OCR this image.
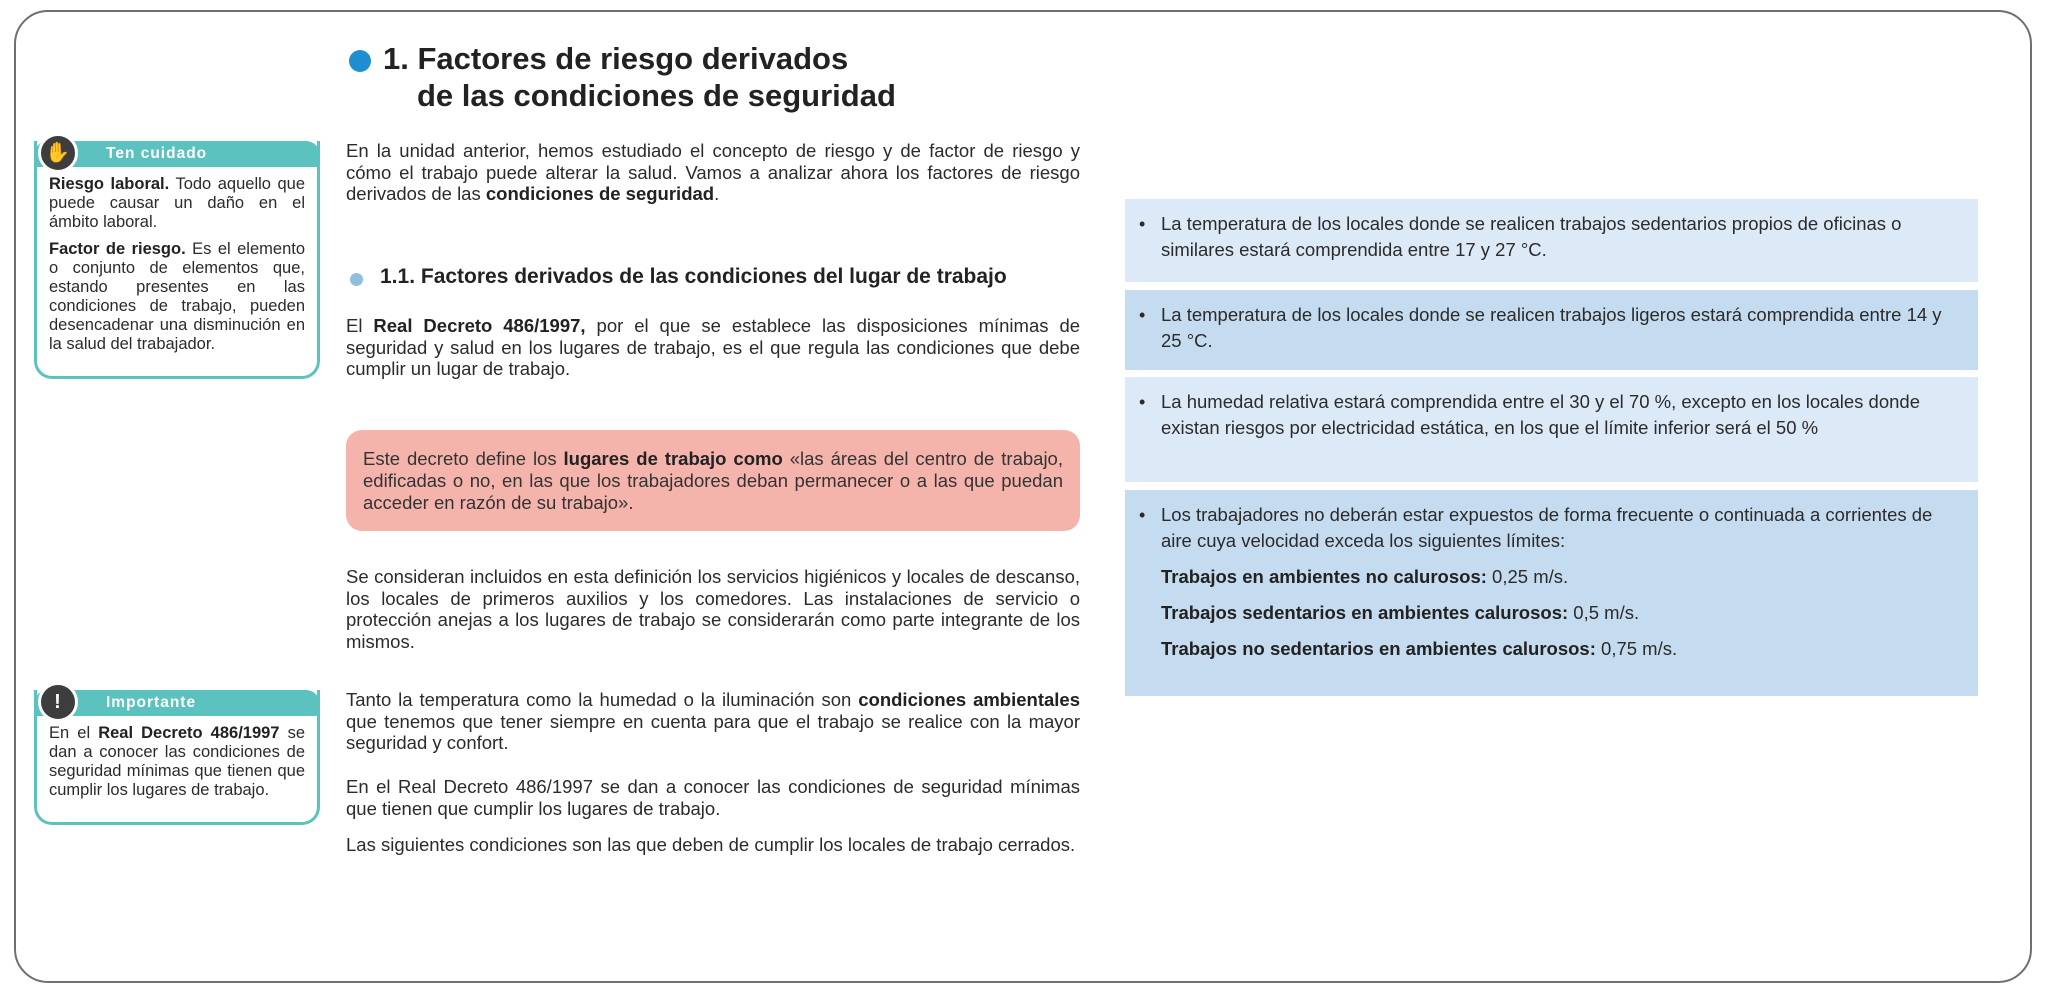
1. Factores de riesgo derivados
de las condiciones de seguridad
En la unidad anterior, hemos estudiado el concepto de riesgo y de factor de riesgo y cómo el trabajo puede alterar la salud. Vamos a analizar ahora los factores de riesgo derivados de las condiciones de seguridad.
1.1. Factores derivados de las condiciones del lugar de trabajo
El Real Decreto 486/1997, por el que se establece las disposiciones mínimas de seguridad y salud en los lugares de trabajo, es el que regula las condiciones que debe cumplir un lugar de trabajo.
Este decreto define los lugares de trabajo como «las áreas del centro de trabajo, edificadas o no, en las que los trabajadores deban permanecer o a las que puedan acceder en razón de su trabajo».
Se consideran incluidos en esta definición los servicios higiénicos y locales de descanso, los locales de primeros auxilios y los comedores. Las instalaciones de servicio o protección anejas a los lugares de trabajo se considerarán como parte integrante de los mismos.
Tanto la temperatura como la humedad o la iluminación son condiciones ambientales que tenemos que tener siempre en cuenta para que el trabajo se realice con la mayor seguridad y confort.
En el Real Decreto 486/1997 se dan a conocer las condiciones de seguridad mínimas que tienen que cumplir los lugares de trabajo.
Las siguientes condiciones son las que deben de cumplir los locales de trabajo cerrados.
✋	Ten cuidado

Riesgo laboral. Todo aquello que puede causar un daño en el ámbito laboral.

Factor de riesgo. Es el elemento o conjunto de elementos que, estando presentes en las condiciones de trabajo, pueden desencadenar una disminución en la salud del trabajador.

!	Importante

En el Real Decreto 486/1997 se dan a conocer las condiciones de seguridad mínimas que tienen que cumplir los lugares de trabajo.

• La temperatura de los locales donde se realicen trabajos sedentarios propios de oficinas o similares estará comprendida entre 17 y 27 °C.
• La temperatura de los locales donde se realicen trabajos ligeros estará comprendida entre 14 y 25 °C.
• La humedad relativa estará comprendida entre el 30 y el 70 %, excepto en los locales donde existan riesgos por electricidad estática, en los que el límite inferior será el 50 %
• Los trabajadores no deberán estar expuestos de forma frecuente o continuada a corrientes de aire cuya velocidad exceda los siguientes límites:
Trabajos en ambientes no calurosos: 0,25 m/s.
Trabajos sedentarios en ambientes calurosos: 0,5 m/s.
Trabajos no sedentarios en ambientes calurosos: 0,75 m/s.
